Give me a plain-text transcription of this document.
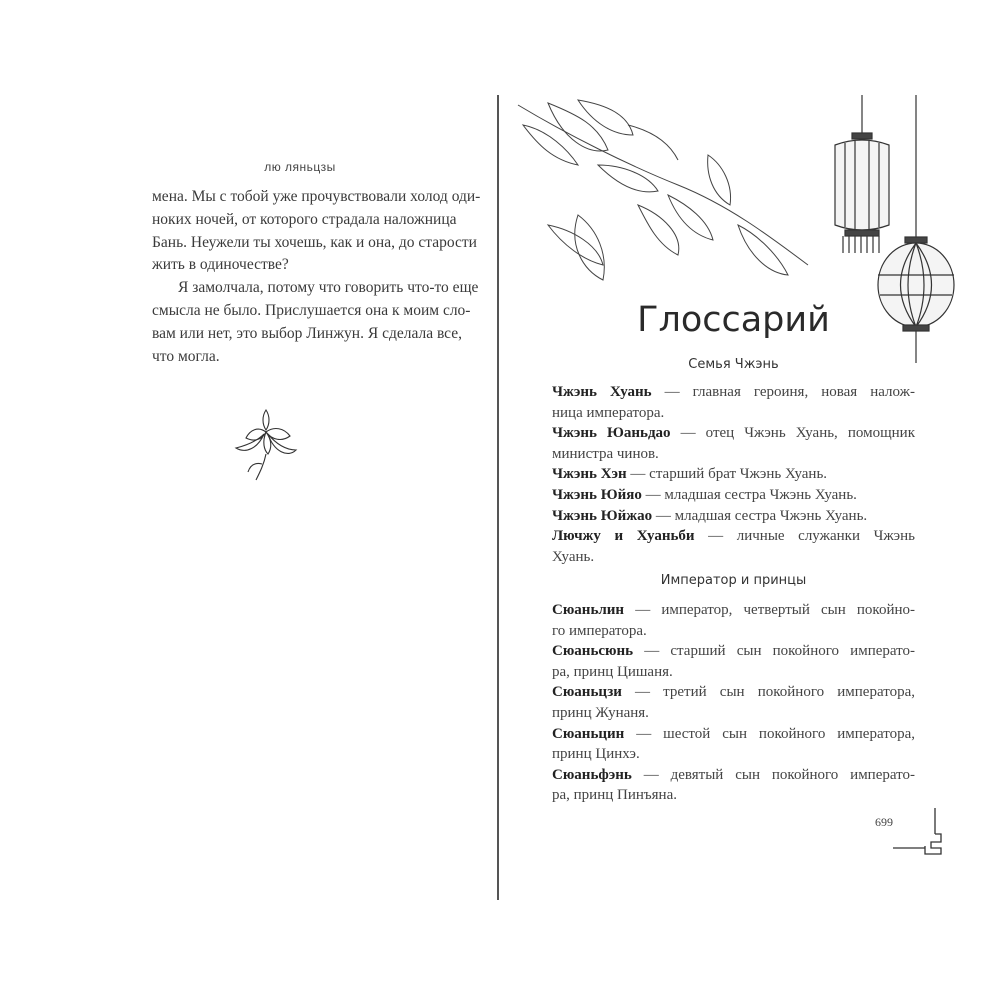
лю ляньцзы
мена. Мы с тобой уже прочувствовали холод оди-
ноких ночей, от которого страдала наложница
Бань. Неужели ты хочешь, как и она, до старости
жить в одиночестве?
Я замолчала, потому что говорить что-то еще
смысла не было. Прислушается она к моим сло-
вам или нет, это выбор Линжун. Я сделала все,
что могла.
Глоссарий
Семья Чжэнь
Чжэнь Хуань — главная героиня, новая налож-
ница императора.
Чжэнь Юаньдао — отец Чжэнь Хуань, помощник
министра чинов.
Чжэнь Хэн — старший брат Чжэнь Хуань.
Чжэнь Юйяо — младшая сестра Чжэнь Хуань.
Чжэнь Юйжао — младшая сестра Чжэнь Хуань.
Лючжу и Хуаньби — личные служанки Чжэнь
Хуань.
Император и принцы
Сюаньлин — император, четвертый сын покойно-
го императора.
Сюаньсюнь — старший сын покойного императо-
ра, принц Цишаня.
Сюаньцзи — третий сын покойного императора,
принц Жунаня.
Сюаньцин — шестой сын покойного императора,
принц Цинхэ.
Сюаньфэнь — девятый сын покойного императо-
ра, принц Пинъяна.
699
